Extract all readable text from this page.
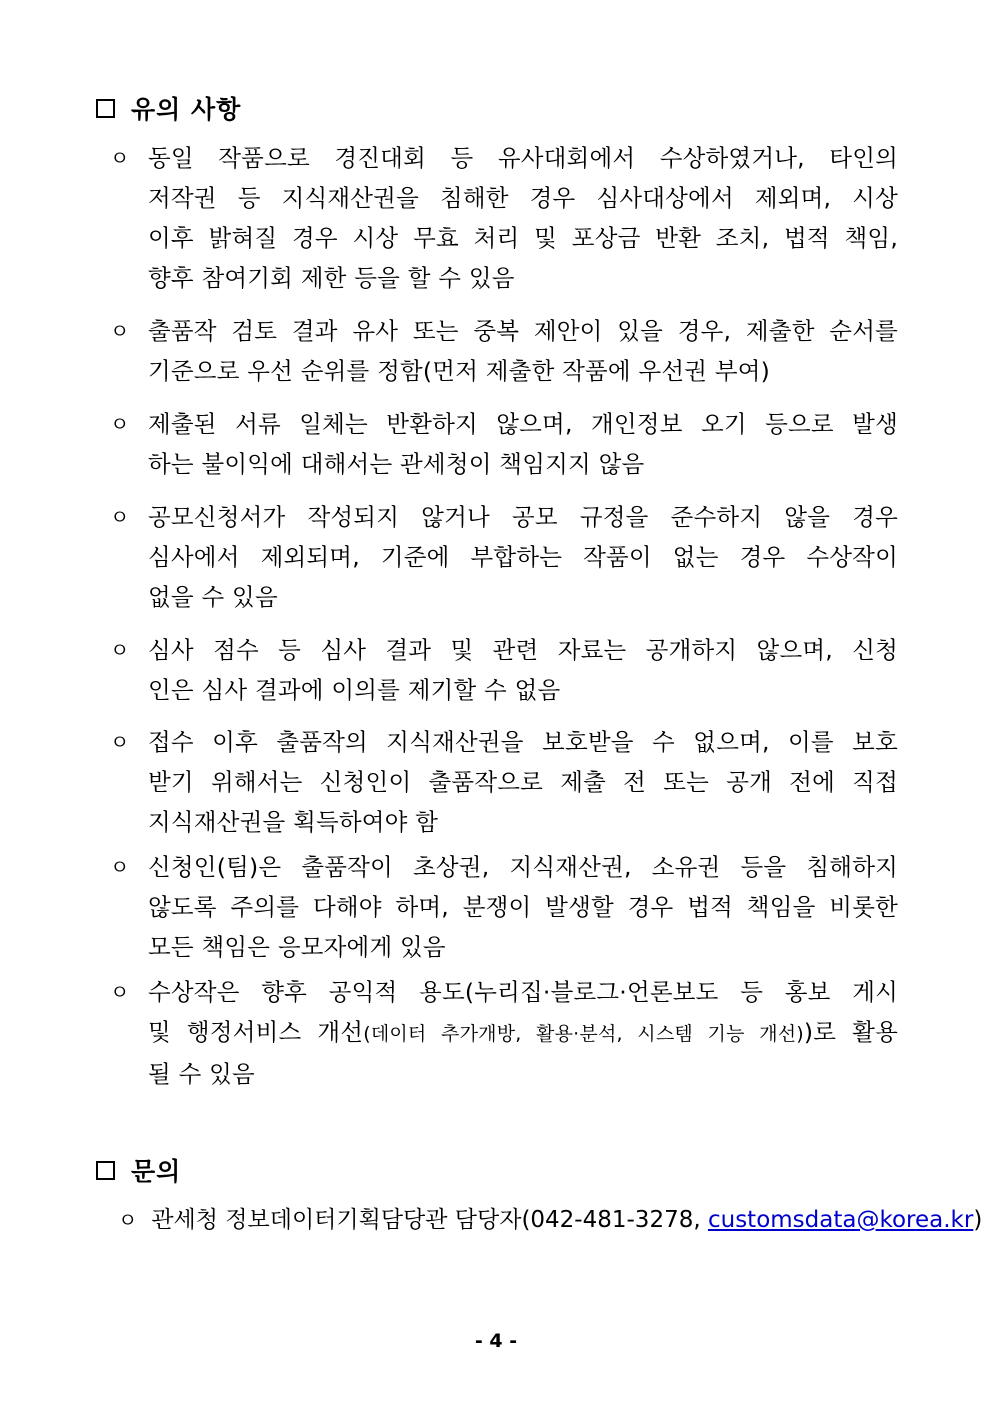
유의 사항
ㅇ 동일 작품으로 경진대회 등 유사대회에서 수상하였거나, 타인의
저작권 등 지식재산권을 침해한 경우 심사대상에서 제외며, 시상
이후 밝혀질 경우 시상 무효 처리 및 포상금 반환 조치, 법적 책임,
향후 참여기회 제한 등을 할 수 있음
ㅇ 출품작 검토 결과 유사 또는 중복 제안이 있을 경우, 제출한 순서를
기준으로 우선 순위를 정함(먼저 제출한 작품에 우선권 부여)
ㅇ 제출된 서류 일체는 반환하지 않으며, 개인정보 오기 등으로 발생
하는 불이익에 대해서는 관세청이 책임지지 않음
ㅇ 공모신청서가 작성되지 않거나 공모 규정을 준수하지 않을 경우
심사에서 제외되며, 기준에 부합하는 작품이 없는 경우 수상작이
없을 수 있음
ㅇ 심사 점수 등 심사 결과 및 관련 자료는 공개하지 않으며, 신청
인은 심사 결과에 이의를 제기할 수 없음
ㅇ 접수 이후 출품작의 지식재산권을 보호받을 수 없으며, 이를 보호
받기 위해서는 신청인이 출품작으로 제출 전 또는 공개 전에 직접
지식재산권을 획득하여야 함
ㅇ 신청인(팀)은 출품작이 초상권, 지식재산권, 소유권 등을 침해하지
않도록 주의를 다해야 하며, 분쟁이 발생할 경우 법적 책임을 비롯한
모든 책임은 응모자에게 있음
ㅇ 수상작은 향후 공익적 용도(누리집·블로그·언론보도 등 홍보 게시
및 행정서비스 개선(데이터 추가개방, 활용·분석, 시스템 기능 개선))로 활용
될 수 있음
문의
ㅇ 관세청 정보데이터기획담당관 담당자(042-481-3278, customsdata@korea.kr)
- 4 -
